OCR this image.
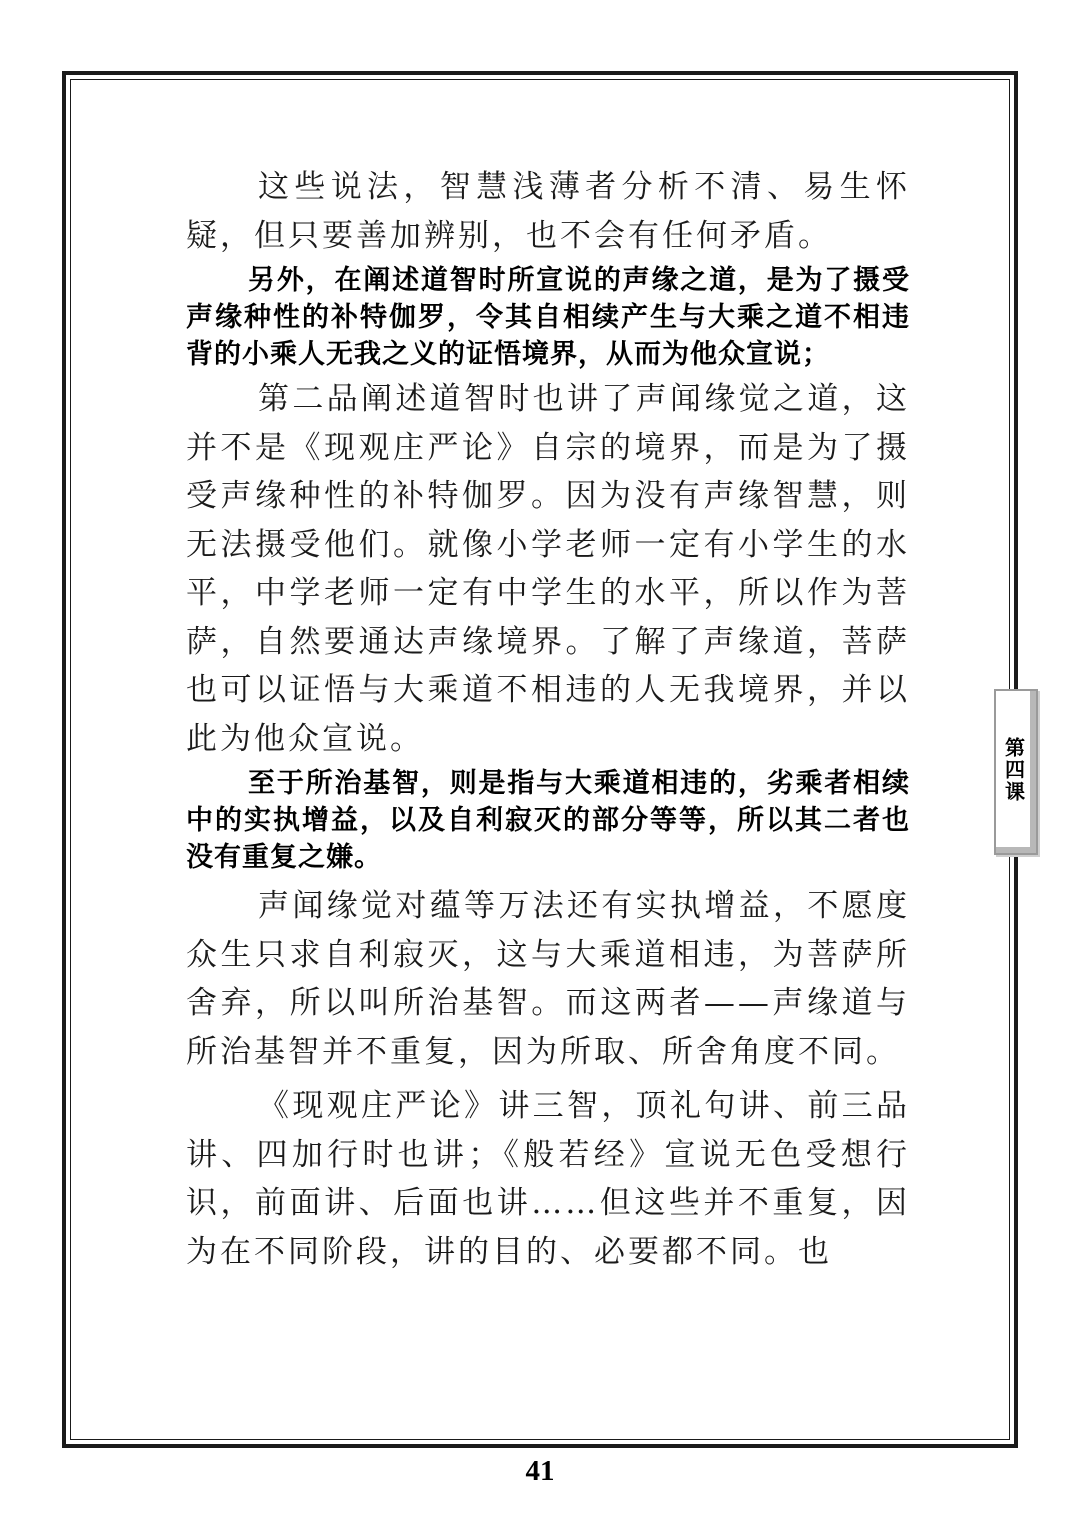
这些说法，智慧浅薄者分析不清、易生怀疑，但只要善加辨别，也不会有任何矛盾。

另外，在阐述道智时所宣说的声缘之道，是为了摄受声缘种性的补特伽罗，令其自相续产生与大乘之道不相违背的小乘人无我之义的证悟境界，从而为他众宣说；

第二品阐述道智时也讲了声闻缘觉之道，这并不是《现观庄严论》自宗的境界，而是为了摄受声缘种性的补特伽罗。因为没有声缘智慧，则无法摄受他们。就像小学老师一定有小学生的水平，中学老师一定有中学生的水平，所以作为菩萨，自然要通达声缘境界。了解了声缘道，菩萨也可以证悟与大乘道不相违的人无我境界，并以此为他众宣说。

至于所治基智，则是指与大乘道相违的，劣乘者相续中的实执增益，以及自利寂灭的部分等等，所以其二者也没有重复之嫌。

声闻缘觉对蕴等万法还有实执增益，不愿度众生只求自利寂灭，这与大乘道相违，为菩萨所舍弃，所以叫所治基智。而这两者——声缘道与所治基智并不重复，因为所取、所舍角度不同。

《现观庄严论》讲三智，顶礼句讲、前三品讲、四加行时也讲；《般若经》宣说无色受想行识，前面讲、后面也讲……但这些并不重复，因为在不同阶段，讲的目的、必要都不同。也

第四课
41
